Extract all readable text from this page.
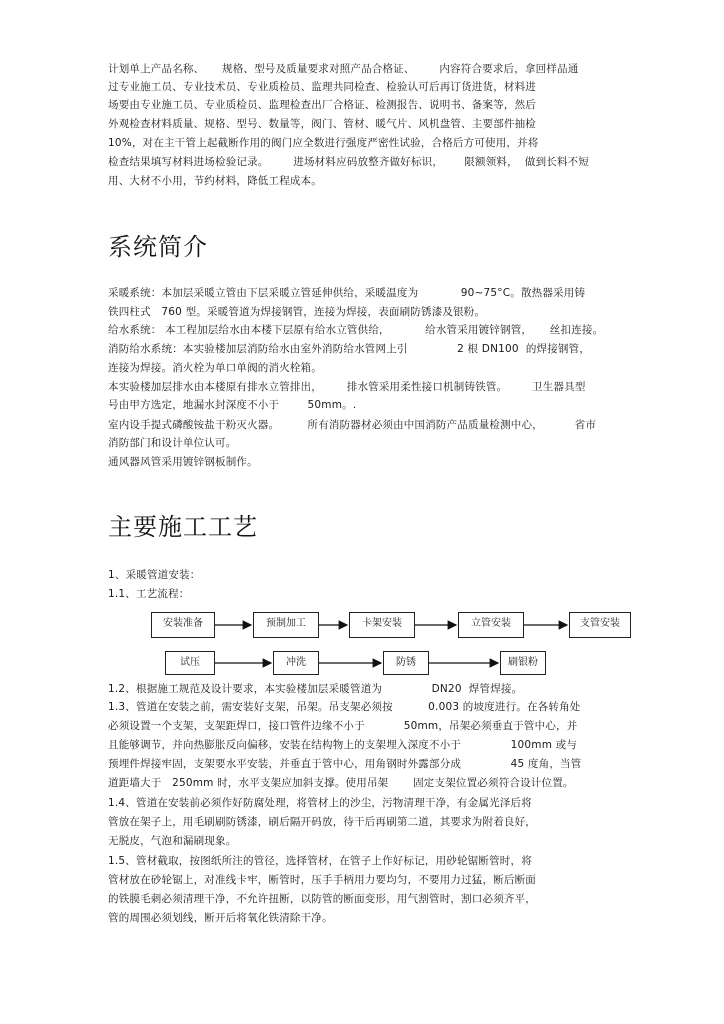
计划单上产品名称、     规格、型号及质量要求对照产品合格证、       内容符合要求后，拿回样品通
过专业施工员、专业技术员、专业质检员、监理共同检查、检验认可后再订货进货，材料进
场要由专业施工员、专业质检员、监理检查出厂合格证、检测报告、说明书、备案等，然后
外观检查材料质量、规格、型号、数量等，阀门、管材、暖气片、风机盘管、主要部件抽检
10%，对在主干管上起截断作用的阀门应全数进行强度严密性试验，合格后方可使用，并将
检查结果填写材料进场检验记录。       进场材料应码放整齐做好标识，      限额领料，  做到长料不短
用、大材不小用，节约材料，降低工程成本。
系统简介
采暖系统：本加层采暖立管由下层采暖立管延伸供给，采暖温度为            90~75°C。散热器采用铸
铁四柱式   760 型。采暖管道为焊接钢管，连接为焊接，表面刷防锈漆及银粉。
给水系统： 本工程加层给水由本楼下层原有给水立管供给，          给水管采用镀锌钢管，     丝扣连接。
消防给水系统：本实验楼加层消防给水由室外消防给水管网上引              2 根 DN100  的焊接钢管，
连接为焊接。消火栓为单口单阀的消火栓箱。
本实验楼加层排水由本楼原有排水立管排出，       排水管采用柔性接口机制铸铁管。       卫生器具型
号由甲方选定，地漏水封深度不小于        50mm。.
室内设手提式磷酸铵盐干粉灭火器。        所有消防器材必须由中国消防产品质量检测中心，         省市
消防部门和设计单位认可。
通风器风管采用镀锌钢板制作。
主要施工工艺
1、采暖管道安装：
1.1、工艺流程：
安装准备	预制加工	卡架安装	立管安装	支管安装
试压	冲洗	防锈	刷银粉
1.2、根据施工规范及设计要求，本实验楼加层采暖管道为              DN20  焊管焊接。
1.3、管道在安装之前，需安装好支架，吊架。吊支架必须按          0.003 的坡度进行。在各转角处
必须设置一个支架，支架距焊口，接口管件边缘不小于           50mm，吊架必须垂直于管中心，并
且能够调节，并向热膨胀反向偏移，安装在结构物上的支架埋入深度不小于              100mm 或与
预埋件焊接牢固，支架要水平安装，并垂直于管中心，用角钢时外露部分成              45 度角，当管
道距墙大于   250mm 时，水平支架应加斜支撑。使用吊架       固定支架位置必须符合设计位置。
1.4、管道在安装前必须作好防腐处理，将管材上的沙尘，污物清理干净，有金属光泽后将
管放在架子上，用毛刷刷防锈漆，刷后隔开码放，待干后再刷第二道，其要求为附着良好，
无脱皮，气泡和漏刷现象。
1.5、管材截取，按图纸所注的管径，选择管材，在管子上作好标记，用砂轮锯断管时，将
管材放在砂轮锯上，对准线卡牢，断管时，压手手柄用力要均匀，不要用力过猛，断后断面
的铁膜毛刺必须清理干净，不允许扭断，以防管的断面变形，用气割管时，割口必须齐平，
管的周围必须划线，断开后将氧化铁清除干净。
